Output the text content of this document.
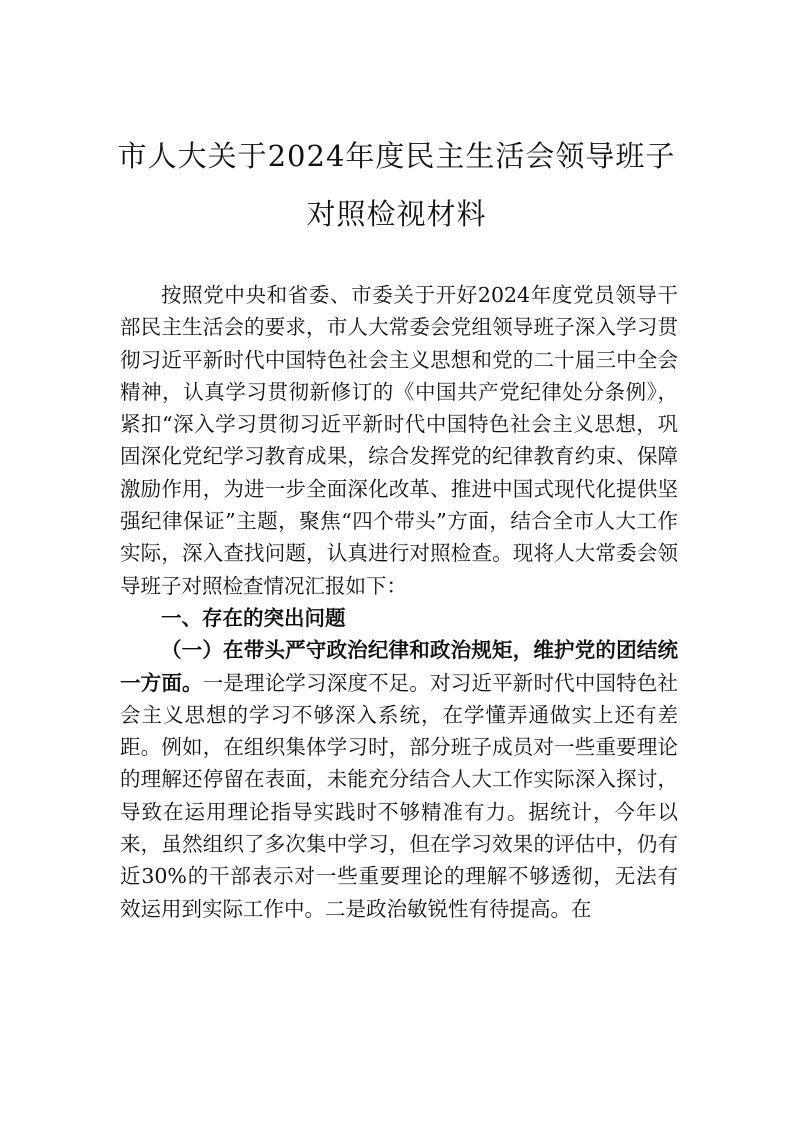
市人大关于2024年度民主生活会领导班子
对照检视材料

按照党中央和省委、市委关于开好2024年度党员领导干部民主生活会的要求，市人大常委会党组领导班子深入学习贯彻习近平新时代中国特色社会主义思想和党的二十届三中全会精神，认真学习贯彻新修订的《中国共产党纪律处分条例》，紧扣“深入学习贯彻习近平新时代中国特色社会主义思想，巩固深化党纪学习教育成果，综合发挥党的纪律教育约束、保障激励作用，为进一步全面深化改革、推进中国式现代化提供坚强纪律保证”主题，聚焦“四个带头”方面，结合全市人大工作实际，深入查找问题，认真进行对照检查。现将人大常委会领导班子对照检查情况汇报如下：

一、存在的突出问题

（一）在带头严守政治纪律和政治规矩，维护党的团结统一方面。一是理论学习深度不足。对习近平新时代中国特色社会主义思想的学习不够深入系统，在学懂弄通做实上还有差距。例如，在组织集体学习时，部分班子成员对一些重要理论的理解还停留在表面，未能充分结合人大工作实际深入探讨，导致在运用理论指导实践时不够精准有力。据统计，今年以来，虽然组织了多次集中学习，但在学习效果的评估中，仍有近30%的干部表示对一些重要理论的理解不够透彻，无法有效运用到实际工作中。二是政治敏锐性有待提高。在
